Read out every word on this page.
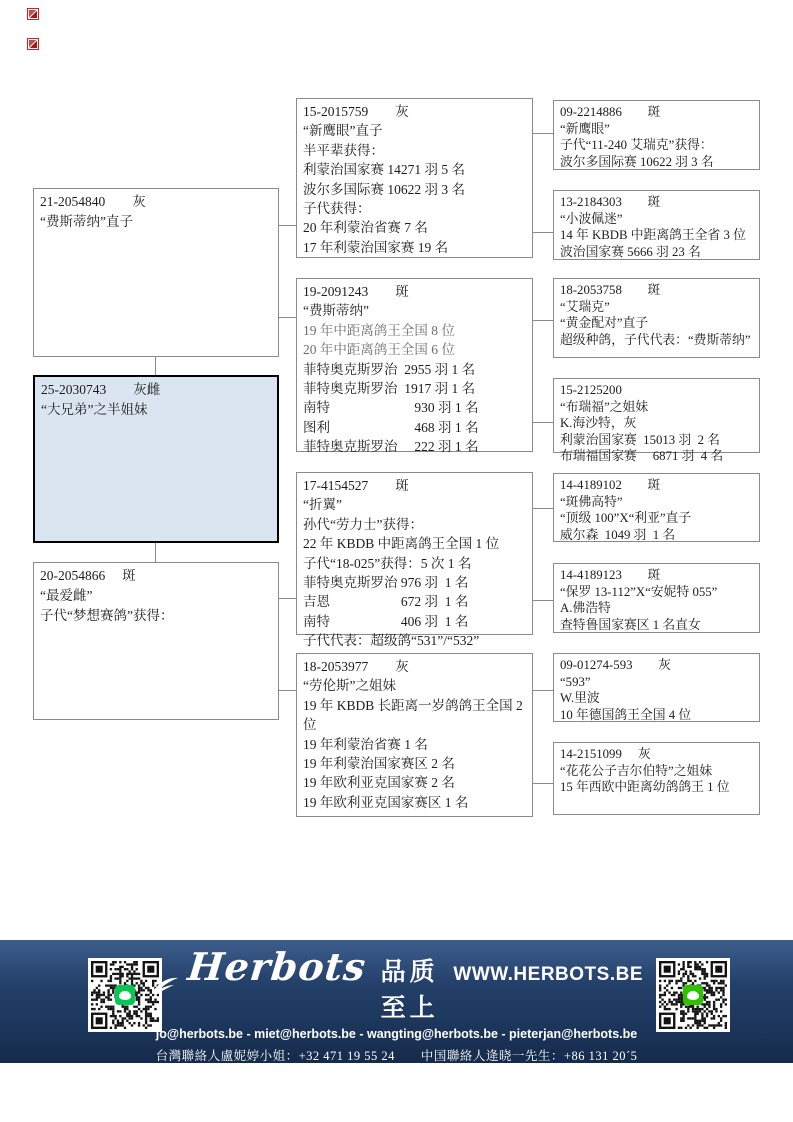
21-2054840　　灰
“费斯蒂纳”直子
25-2030743　　灰雌
“大兄弟”之半姐妹
20-2054866　 斑
“最爱雌”
子代“梦想赛鸽”获得：
15-2015759　　灰
“新鹰眼”直子
半平辈获得：
利蒙治国家赛 14271 羽 5 名
波尔多国际赛 10622 羽 3 名
子代获得：
20 年利蒙治省赛 7 名
17 年利蒙治国家赛 19 名
19-2091243　　斑
“费斯蒂纳”
19 年中距离鸽王全国 8 位
20 年中距离鸽王全国 6 位
菲特奥克斯罗治  2955 羽 1 名
菲特奥克斯罗治  1917 羽 1 名
南特　　　　　　 930 羽 1 名
图利　　　　　　 468 羽 1 名
菲特奥克斯罗治 　222 羽 1 名
17-4154527　　斑
“折翼”
孙代“劳力士”获得：
22 年 KBDB 中距离鸽王全国 1 位
子代“18-025”获得：5 次 1 名
菲特奥克斯罗治 976 羽  1 名
吉恩　　　　　 672 羽  1 名
南特　　　　　 406 羽  1 名
子代代表：超级鸽“531”/“532”
18-2053977　　灰
“劳伦斯”之姐妹
19 年 KBDB 长距离一岁鸽鸽王全国 2 位
19 年利蒙治省赛 1 名
19 年利蒙治国家赛区 2 名
19 年欧利亚克国家赛 2 名
19 年欧利亚克国家赛区 1 名
09-2214886　　斑
“新鹰眼”
子代“11-240 艾瑞克”获得：
波尔多国际赛 10622 羽 3 名
13-2184303　　斑
“小波佩迷”
14 年 KBDB 中距离鸽王全省 3 位
波治国家赛 5666 羽 23 名
18-2053758　　斑
“艾瑞克”
“黄金配对”直子
超级种鸽，子代代表：“费斯蒂纳”
15-2125200
“布瑞福”之姐妹
K.海沙特，灰
利蒙治国家赛  15013 羽  2 名
布瑞福国家赛　 6871 羽  4 名
14-4189102　　斑
“斑佛高特”
“顶级 100”X“利亚”直子
威尔森  1049 羽  1 名
14-4189123　　斑
“保罗 13-112”X“安妮特 055”
A.佛浩特
查特鲁国家赛区 1 名直女
09-01274-593　　灰
“593”
W.里波
10 年德国鸽王全国 4 位
14-2151099　 灰
“花花公子吉尔伯特”之姐妹
15 年西欧中距离幼鸽鸽王 1 位
Herbots 品质至上
WWW.HERBOTS.BE
jo@herbots.be - miet@herbots.be - wangting@herbots.be - pieterjan@herbots.be
台灣聯絡人盧妮婷小姐：+32 471 19 55 24　　中国聯絡人逄晓一先生：+86 131 20´5 0755
贺伯特家族...秉持品质第一与诚实可靠，力求提供完美的服务！
